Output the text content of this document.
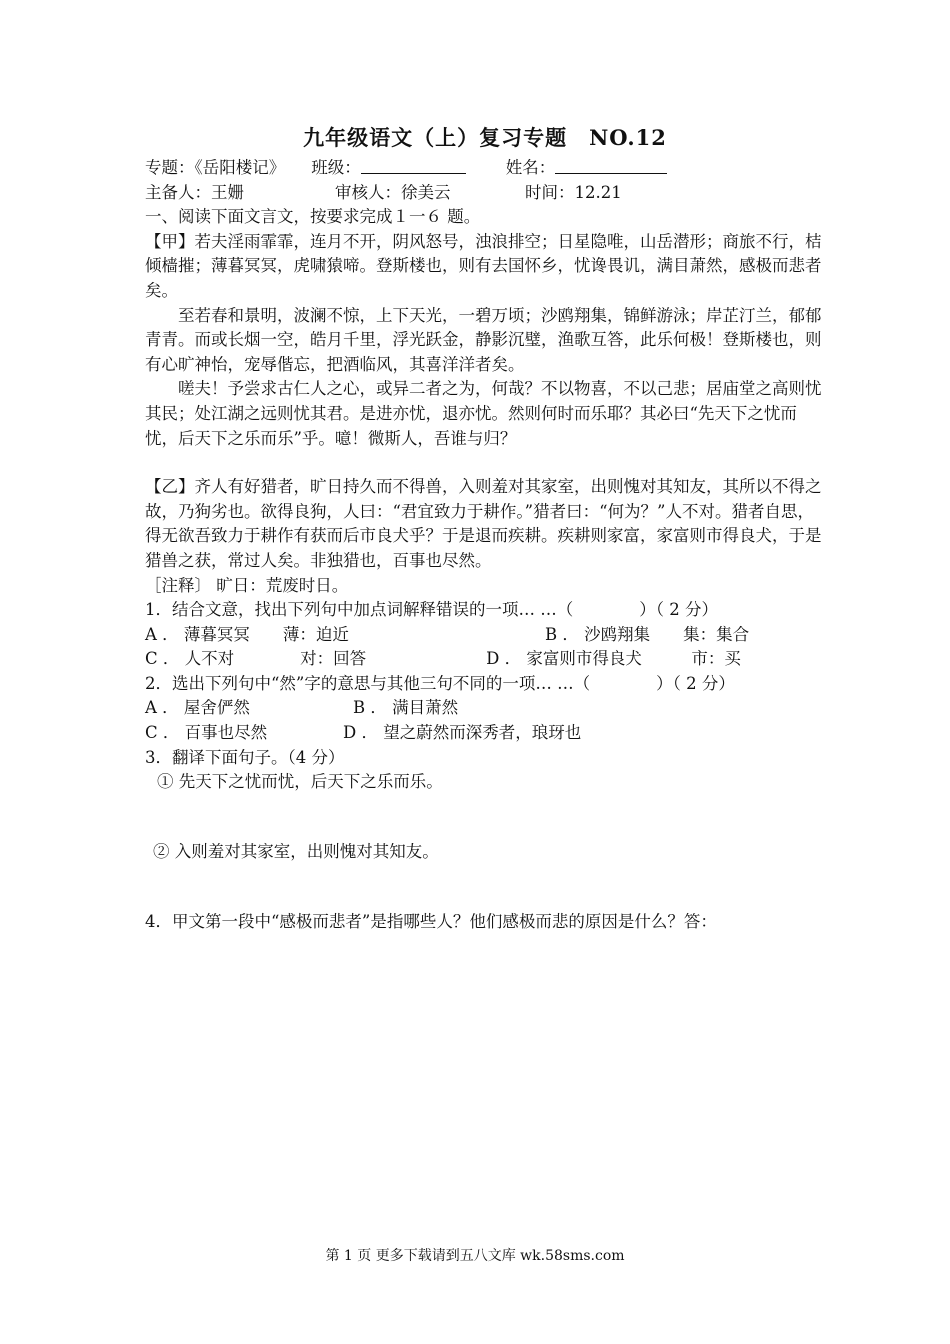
九年级语文（上）复习专题　NO.12
专题：《岳阳楼记》 班级：	姓名：
主备人：王姗	审核人：徐美云	时间：12.21

一、阅读下面文言文，按要求完成１一６ 题。

【甲】若夫淫雨霏霏，连月不开，阴风怒号，浊浪排空；日星隐唯，山岳潜形；商旅不行，桔倾樯摧；薄暮冥冥，虎啸猿啼。登斯楼也，则有去国怀乡，忧谗畏讥，满目萧然，感极而悲者矣。

至若春和景明，波澜不惊，上下天光，一碧万顷；沙鸥翔集，锦鲜游泳；岸芷汀兰，郁郁青青。而或长烟一空，皓月千里，浮光跃金，静影沉璧，渔歌互答，此乐何极！登斯楼也，则有心旷神怡，宠辱偕忘，把酒临风，其喜洋洋者矣。

嗟夫！予尝求古仁人之心，或异二者之为，何哉？不以物喜，不以己悲；居庙堂之高则忧其民；处江湖之远则忧其君。是进亦忧，退亦忧。然则何时而乐耶？其必曰“先天下之忧而忧，后天下之乐而乐”乎。噫！微斯人，吾谁与归？

【乙】齐人有好猎者，旷日持久而不得兽，入则羞对其家室，出则愧对其知友，其所以不得之故，乃狗劣也。欲得良狗，人曰：“君宜致力于耕作。”猎者曰：“何为？”人不对。猎者自思，得无欲吾致力于耕作有获而后市良犬乎？于是退而疾耕。疾耕则家富，家富则市得良犬，于是猎兽之获，常过人矣。非独猎也，百事也尽然。

［注释〕 旷日：荒废时日。

1．结合文意，找出下列句中加点词解释错误的一项… …（　　　　）（ 2 分）

A ． 薄暮冥冥　　薄：迫近	B ． 沙鸥翔集　　集：集合

C ． 人不对　　　　对：回答	D ． 家富则市得良犬　　　市：买

2．选出下列句中“然”字的意思与其他三句不同的一项… …（　　　　）（ 2 分）

A ． 屋舍俨然	B ． 满目萧然
C ． 百事也尽然	D ． 望之蔚然而深秀者，琅玡也

3．翻译下面句子。（4 分）

① 先天下之忧而忧，后天下之乐而乐。

② 入则羞对其家室，出则愧对其知友。

4．甲文第一段中“感极而悲者”是指哪些人？他们感极而悲的原因是什么？答：

第 1 页 更多下载请到五八文库 wk.58sms.com
